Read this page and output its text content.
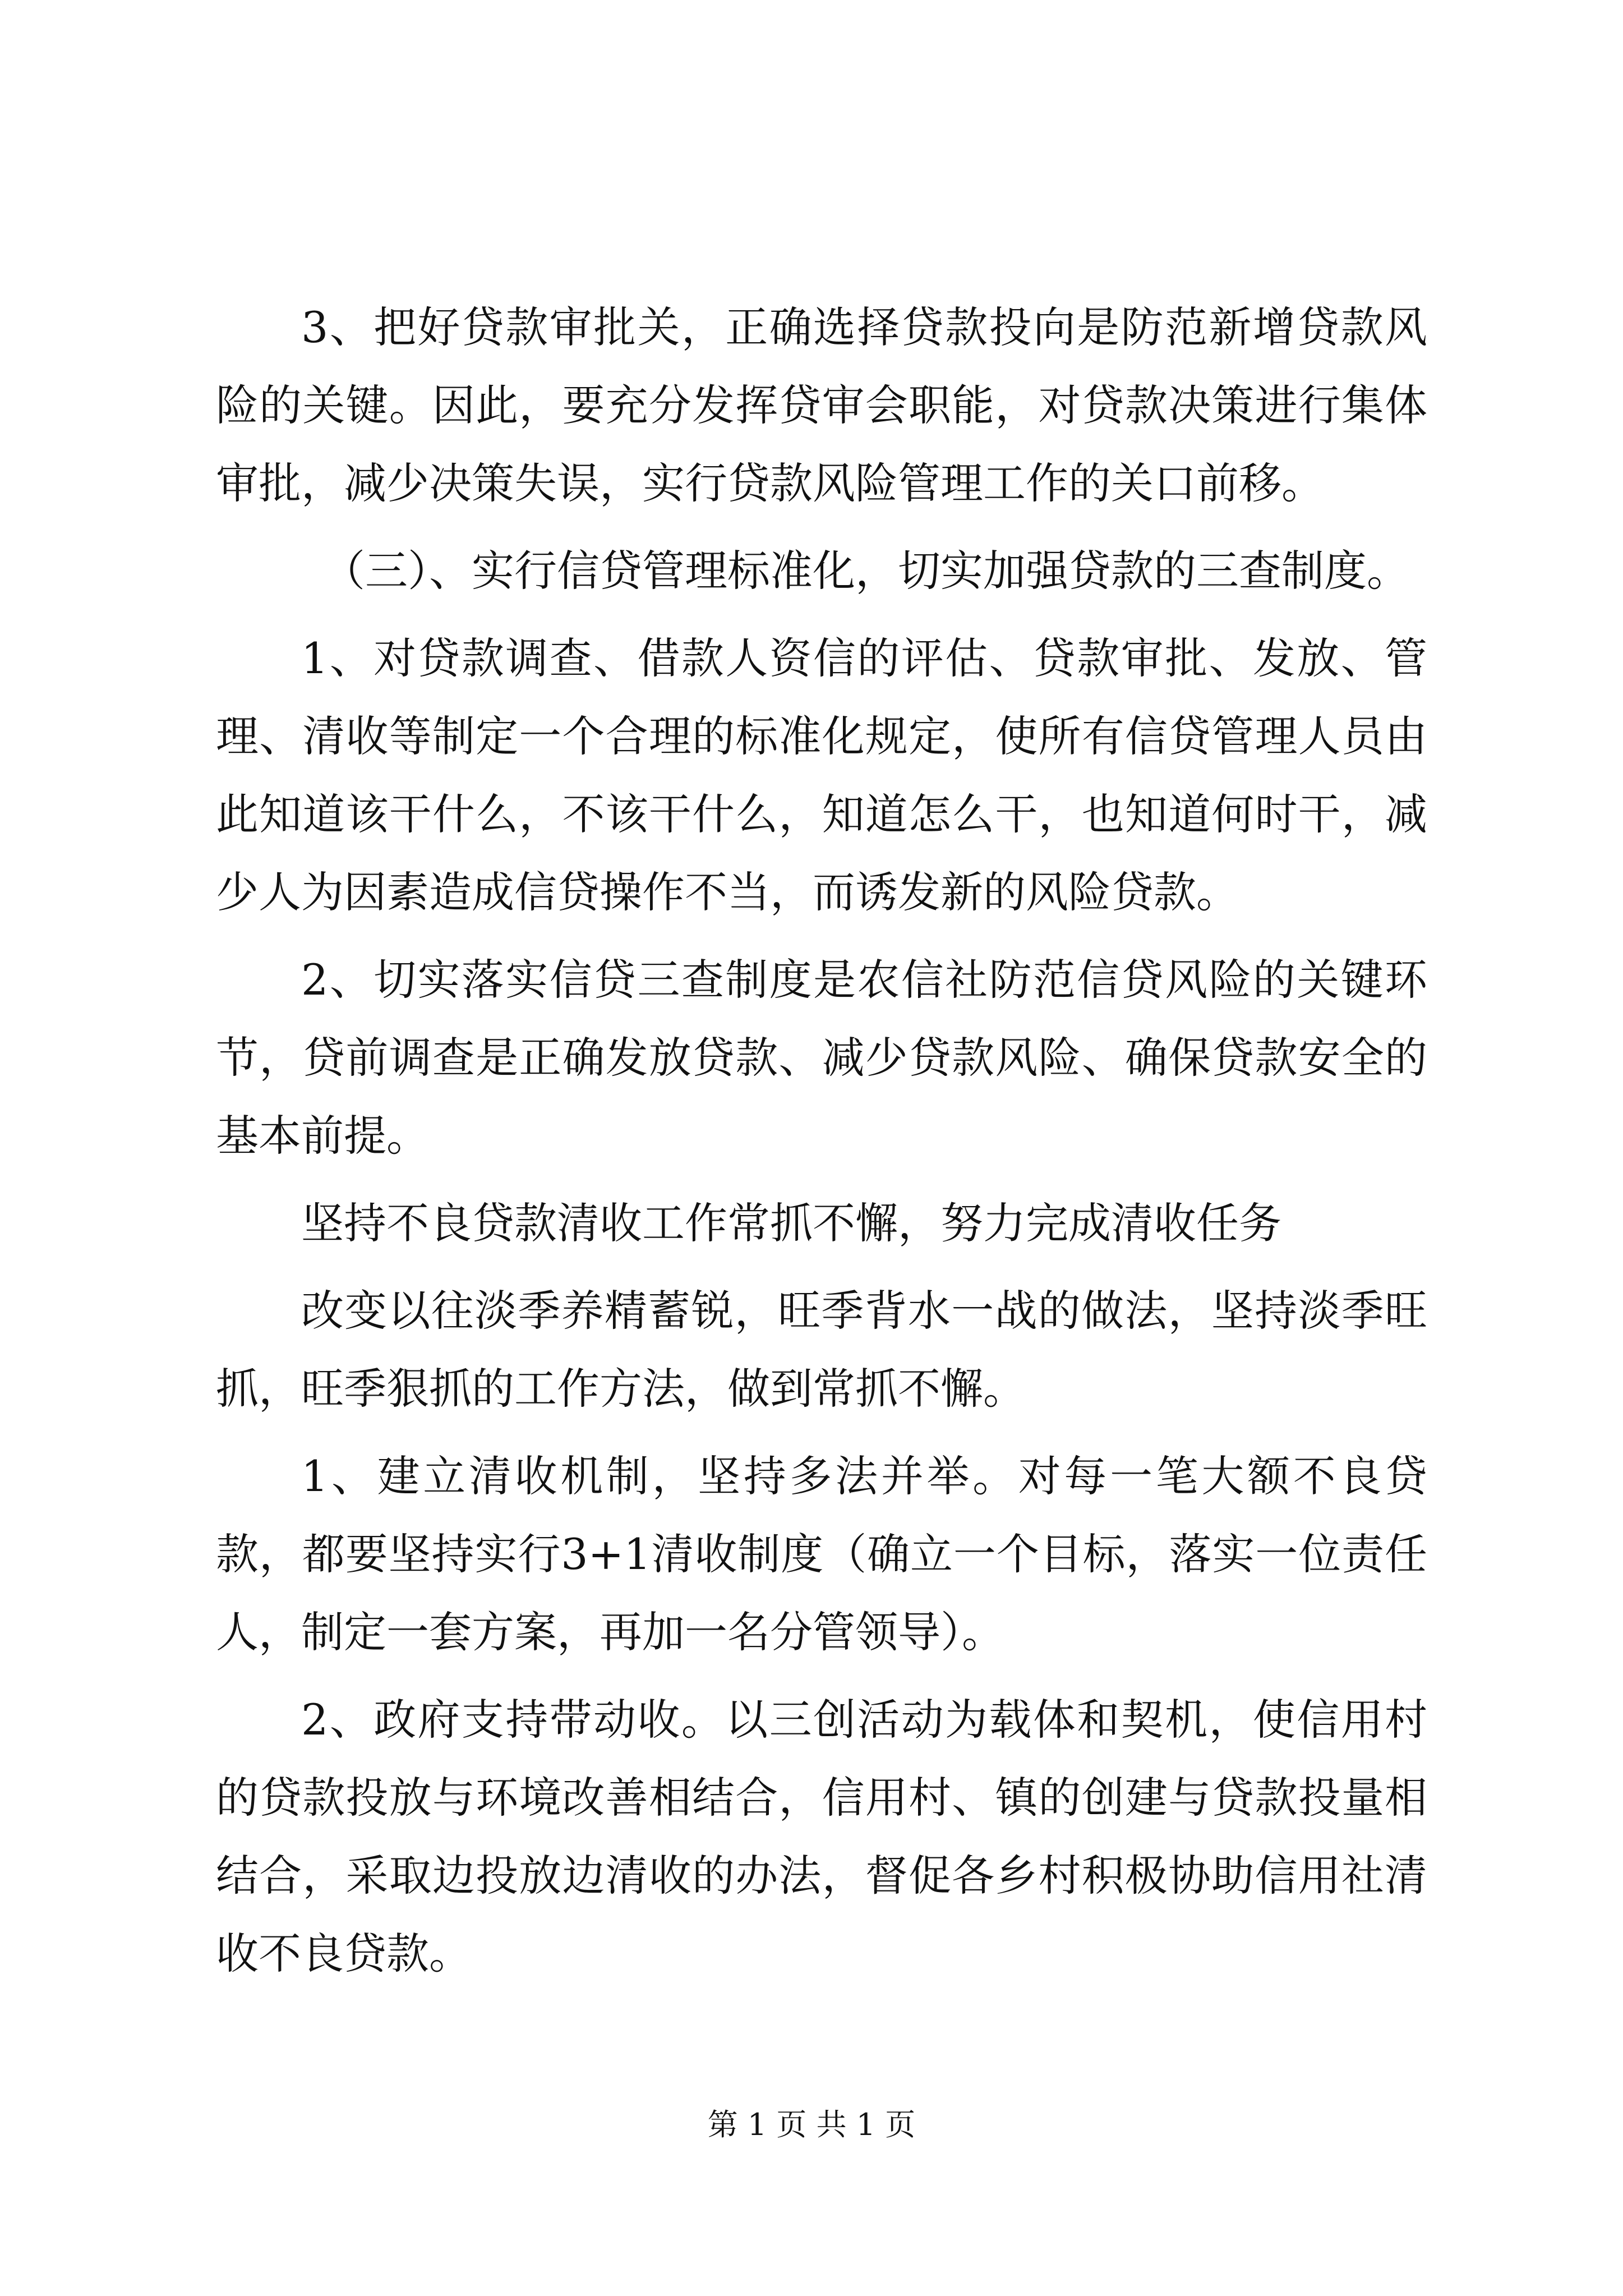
3、把好贷款审批关，正确选择贷款投向是防范新增贷款风险的关键。因此，要充分发挥贷审会职能，对贷款决策进行集体审批，减少决策失误，实行贷款风险管理工作的关口前移。

（三）、实行信贷管理标准化，切实加强贷款的三查制度。

1、对贷款调查、借款人资信的评估、贷款审批、发放、管理、清收等制定一个合理的标准化规定，使所有信贷管理人员由此知道该干什么，不该干什么，知道怎么干，也知道何时干，减少人为因素造成信贷操作不当，而诱发新的风险贷款。

2、切实落实信贷三查制度是农信社防范信贷风险的关键环节，贷前调查是正确发放贷款、减少贷款风险、确保贷款安全的基本前提。

坚持不良贷款清收工作常抓不懈，努力完成清收任务

改变以往淡季养精蓄锐，旺季背水一战的做法，坚持淡季旺抓，旺季狠抓的工作方法，做到常抓不懈。

1、建立清收机制，坚持多法并举。对每一笔大额不良贷款，都要坚持实行3+1清收制度（确立一个目标，落实一位责任人，制定一套方案，再加一名分管领导）。

2、政府支持带动收。以三创活动为载体和契机，使信用村的贷款投放与环境改善相结合，信用村、镇的创建与贷款投量相结合，采取边投放边清收的办法，督促各乡村积极协助信用社清收不良贷款。

第 1 页 共 1 页
